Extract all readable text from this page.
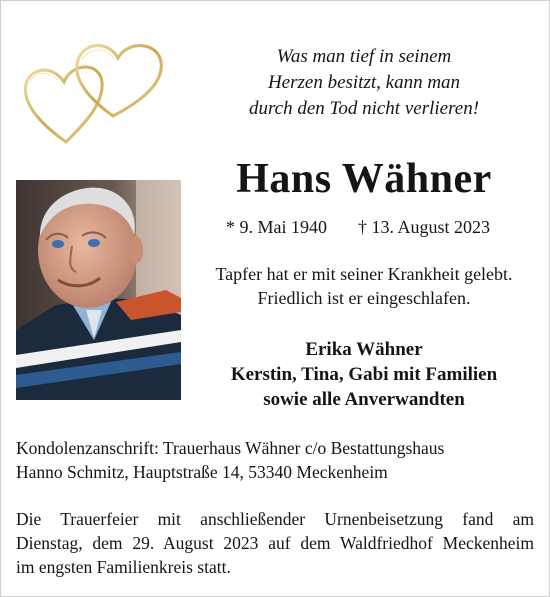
Was man tief in seinem
Herzen besitzt, kann man
durch den Tod nicht verlieren!
Hans Wähner
* 9. Mai 1940 † 13. August 2023
Tapfer hat er mit seiner Krankheit gelebt.
Friedlich ist er eingeschlafen.
Erika Wähner
Kerstin, Tina, Gabi mit Familien
sowie alle Anverwandten
Kondolenzanschrift: Trauerhaus Wähner c/o Bestattungshaus
Hanno Schmitz, Hauptstraße 14, 53340 Meckenheim
Die Trauerfeier mit anschließender Urnenbeisetzung fand am
Dienstag, dem 29. August 2023 auf dem Waldfriedhof Meckenheim
im engsten Familienkreis statt.
